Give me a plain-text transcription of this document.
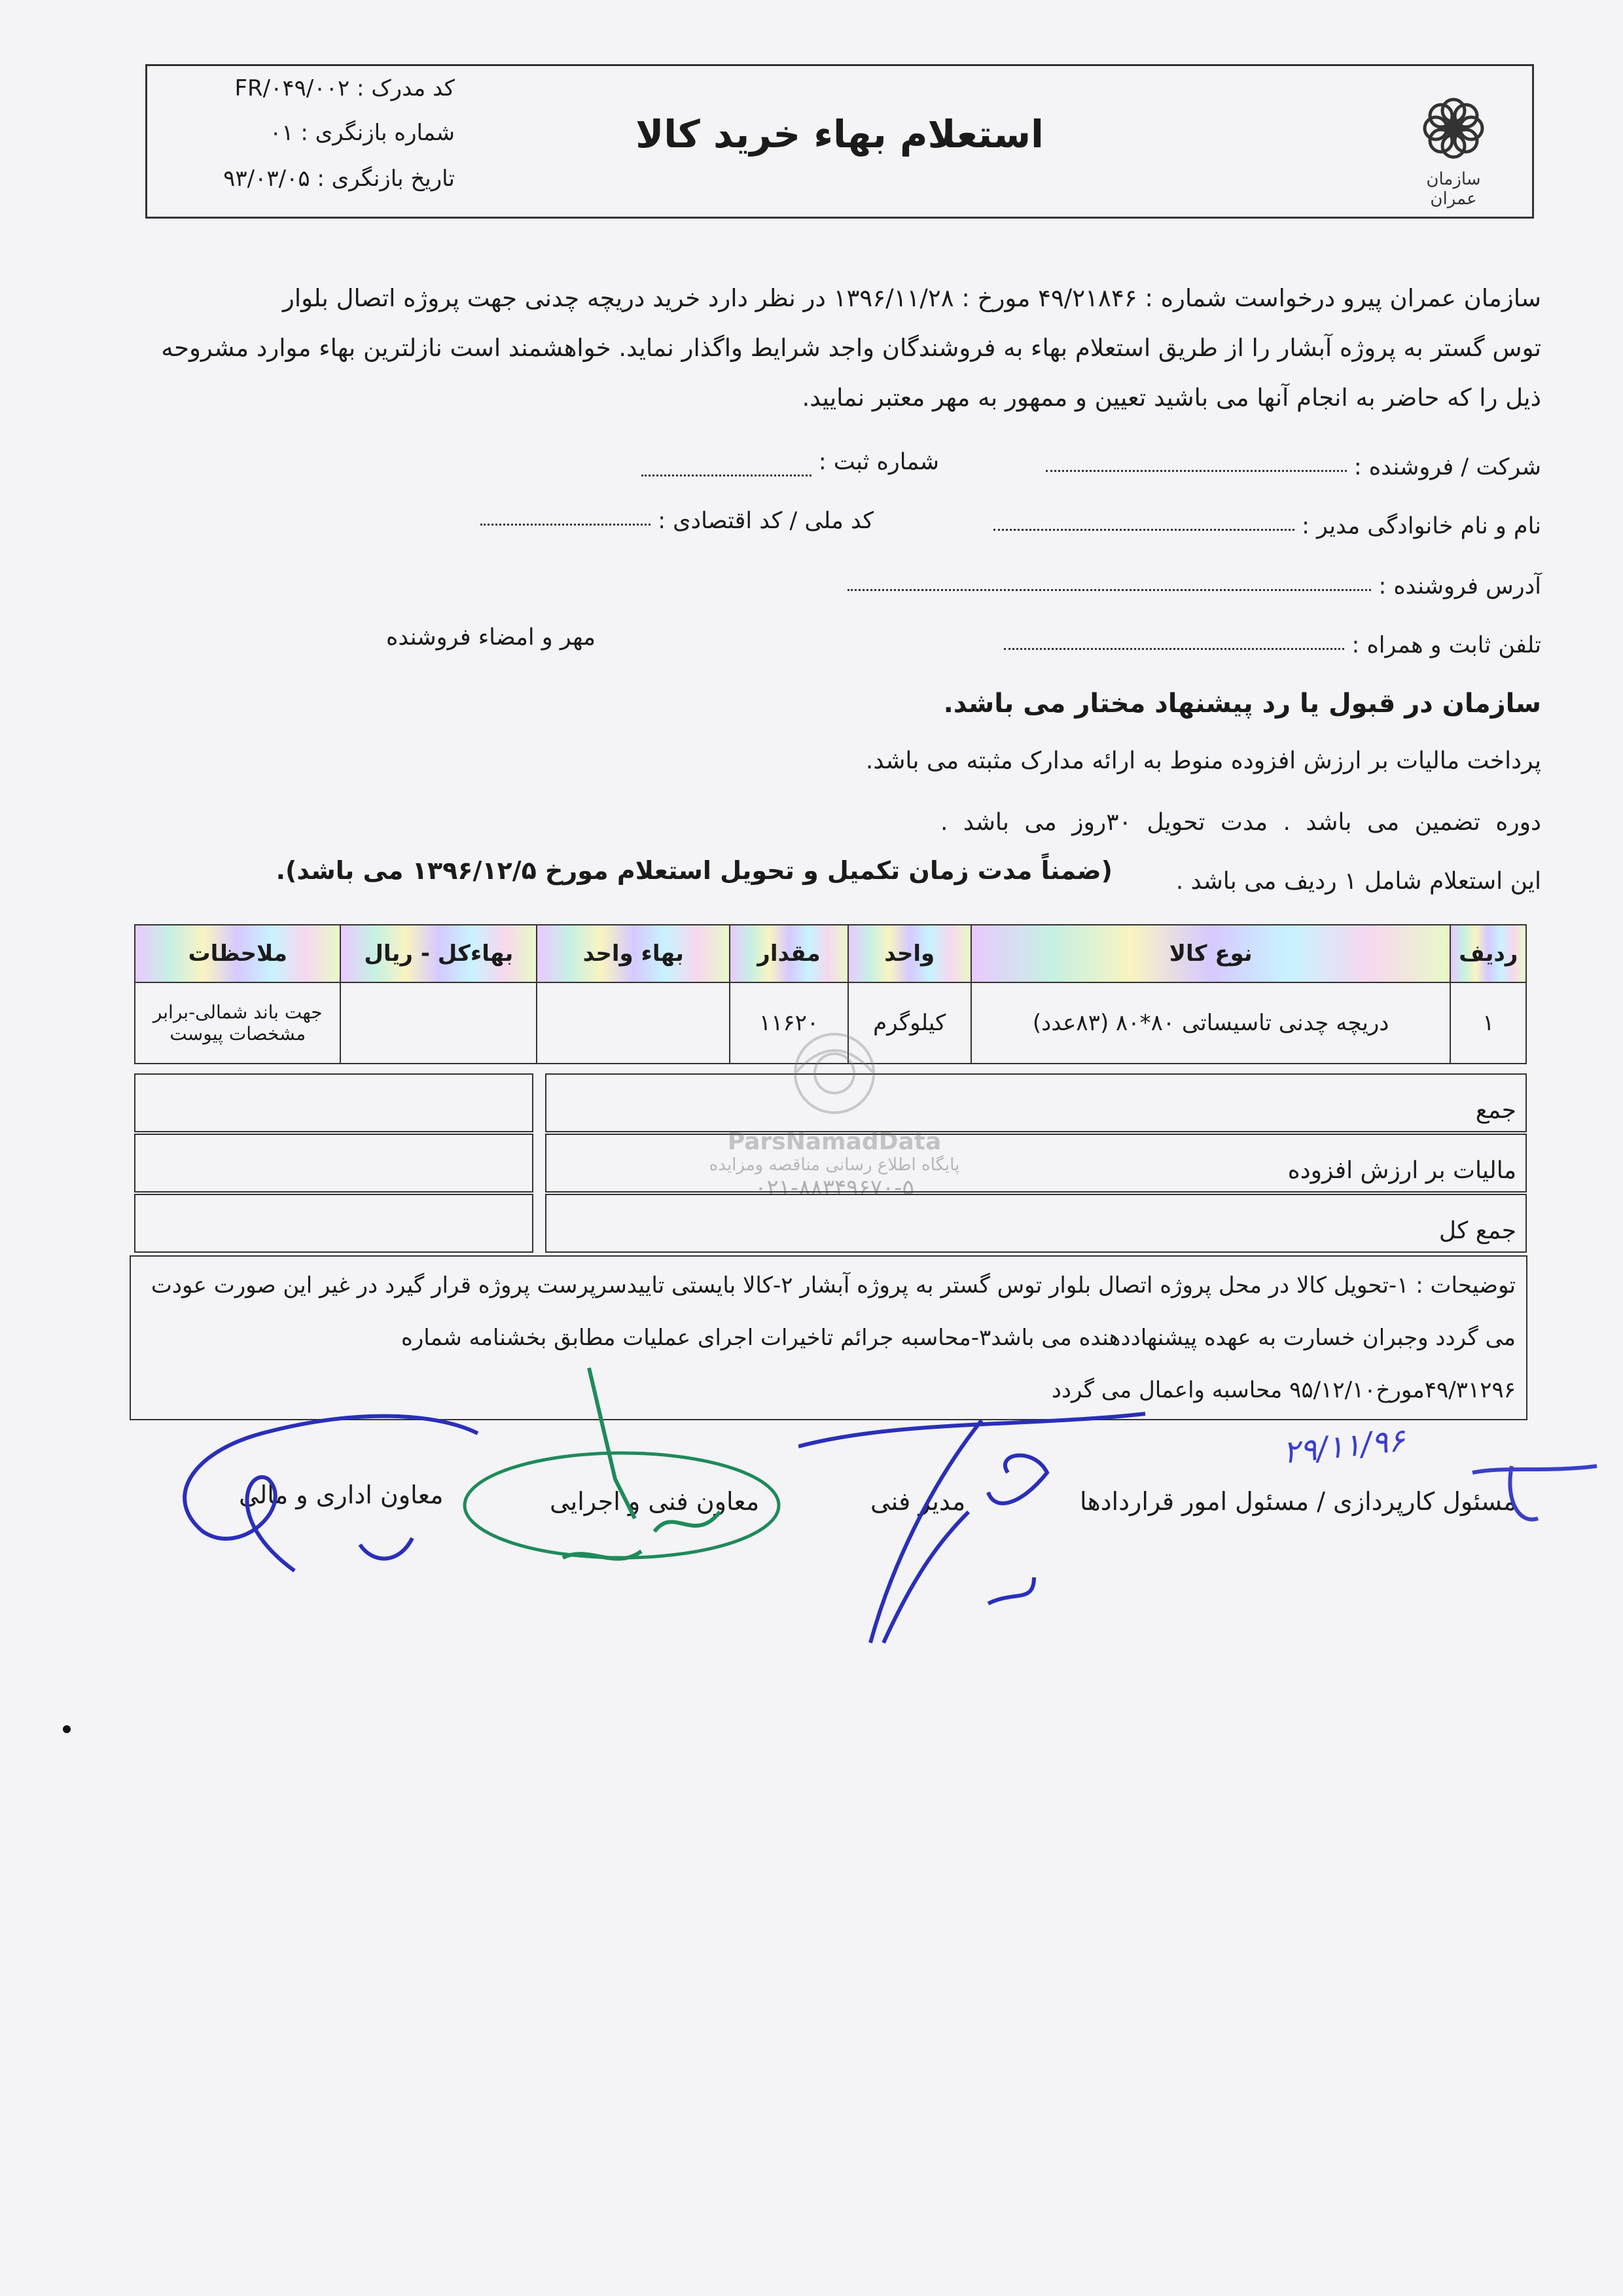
استعلام بهاء خرید کالا
سازمان عمران
کد مدرک : FR/۰۴۹/۰۰۲
شماره بازنگری : ۰۱
تاریخ بازنگری : ۹۳/۰۳/۰۵
سازمان عمران پیرو درخواست شماره : ۴۹/۲۱۸۴۶ مورخ : ۱۳۹۶/۱۱/۲۸ در نظر دارد خرید دریچه چدنی جهت پروژه اتصال بلوار
توس گستر به پروژه آبشار را از طریق استعلام بهاء به فروشندگان واجد شرایط واگذار نماید. خواهشمند است نازلترین بهاء موارد مشروحه
ذیل را که حاضر به انجام آنها می باشید تعیین و ممهور به مهر معتبر نمایید.
شرکت / فروشنده :
شماره ثبت :
نام و نام خانوادگی مدیر :
کد ملی / کد اقتصادی :
آدرس فروشنده :
تلفن ثابت و همراه :
مهر و امضاء فروشنده
سازمان در قبول یا رد پیشنهاد مختار می باشد.
پرداخت مالیات بر ارزش افزوده منوط به ارائه مدارک مثبته می باشد.
دوره تضمین می باشد . مدت تحویل ۳۰روز می باشد .
این استعلام شامل ۱ ردیف می باشد .
(ضمناً مدت زمان تکمیل و تحویل استعلام مورخ ۱۳۹۶/۱۲/۵ می باشد).
ملاحظات	بهاءکل - ریال	بهاء واحد	مقدار	واحد	نوع کالا	ردیف
جهت باند شمالی-برابر مشخصات پیوست			۱۱۶۲۰	کیلوگرم	دریچه چدنی تاسیساتی ۸۰*۸۰ (۸۳عدد)	۱
جمع
مالیات بر ارزش افزوده
جمع کل
ParsNamadData
پایگاه اطلاع رسانی مناقصه ومزایده
۰۲۱-۸۸۳۴۹۶۷۰-۵
توضیحات : ۱-تحویل کالا در محل پروژه اتصال بلوار توس گستر به پروژه آبشار ۲-کالا بایستی تاییدسرپرست پروژه قرار گیرد در غیر این صورت عودت
می گردد وجبران خسارت به عهده پیشنهاددهنده می باشد۳-محاسبه جرائم تاخیرات اجرای عملیات مطابق بخشنامه شماره
۴۹/۳۱۲۹۶مورخ۹۵/۱۲/۱۰ محاسبه واعمال می گردد
مسئول کارپردازی / مسئول امور قراردادها
مدیر فنی
معاون فنی و اجرایی
معاون اداری و مالی
۲۹/۱۱/۹۶
